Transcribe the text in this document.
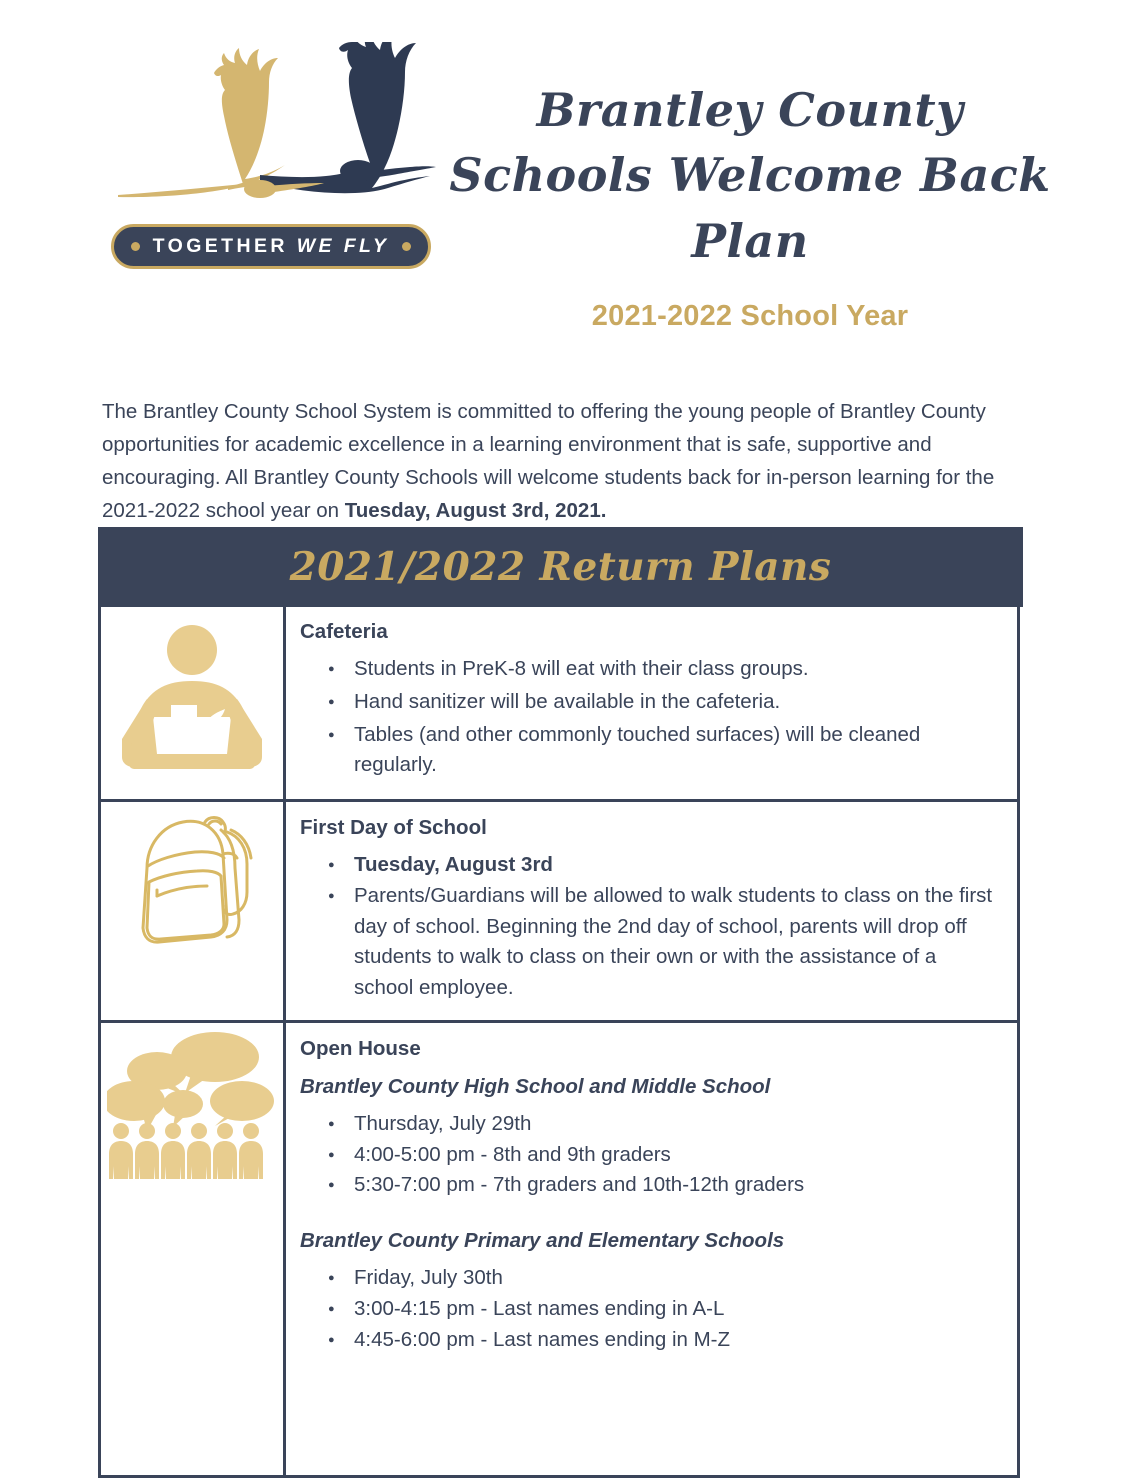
TOGETHER WE FLY
Brantley County
Schools Welcome Back
Plan
2021-2022 School Year

The Brantley County School System is committed to offering the young people of Brantley County opportunities for academic excellence in a learning environment that is safe, supportive and encouraging. All Brantley County Schools will welcome students back for in-person learning for the 2021-2022 school year on Tuesday, August 3rd, 2021.

2021/2022 Return Plans
Cafeteria
● Students in PreK-8 will eat with their class groups.
● Hand sanitizer will be available in the cafeteria.
● Tables (and other commonly touched surfaces) will be cleaned regularly.
First Day of School
● Tuesday, August 3rd
● Parents/Guardians will be allowed to walk students to class on the first day of school. Beginning the 2nd day of school, parents will drop off students to walk to class on their own or with the assistance of a school employee.
Open House
Brantley County High School and Middle School
● Thursday, July 29th
● 4:00-5:00 pm - 8th and 9th graders
● 5:30-7:00 pm - 7th graders and 10th-12th graders
Brantley County Primary and Elementary Schools
● Friday, July 30th
● 3:00-4:15 pm - Last names ending in A-L
● 4:45-6:00 pm - Last names ending in M-Z
